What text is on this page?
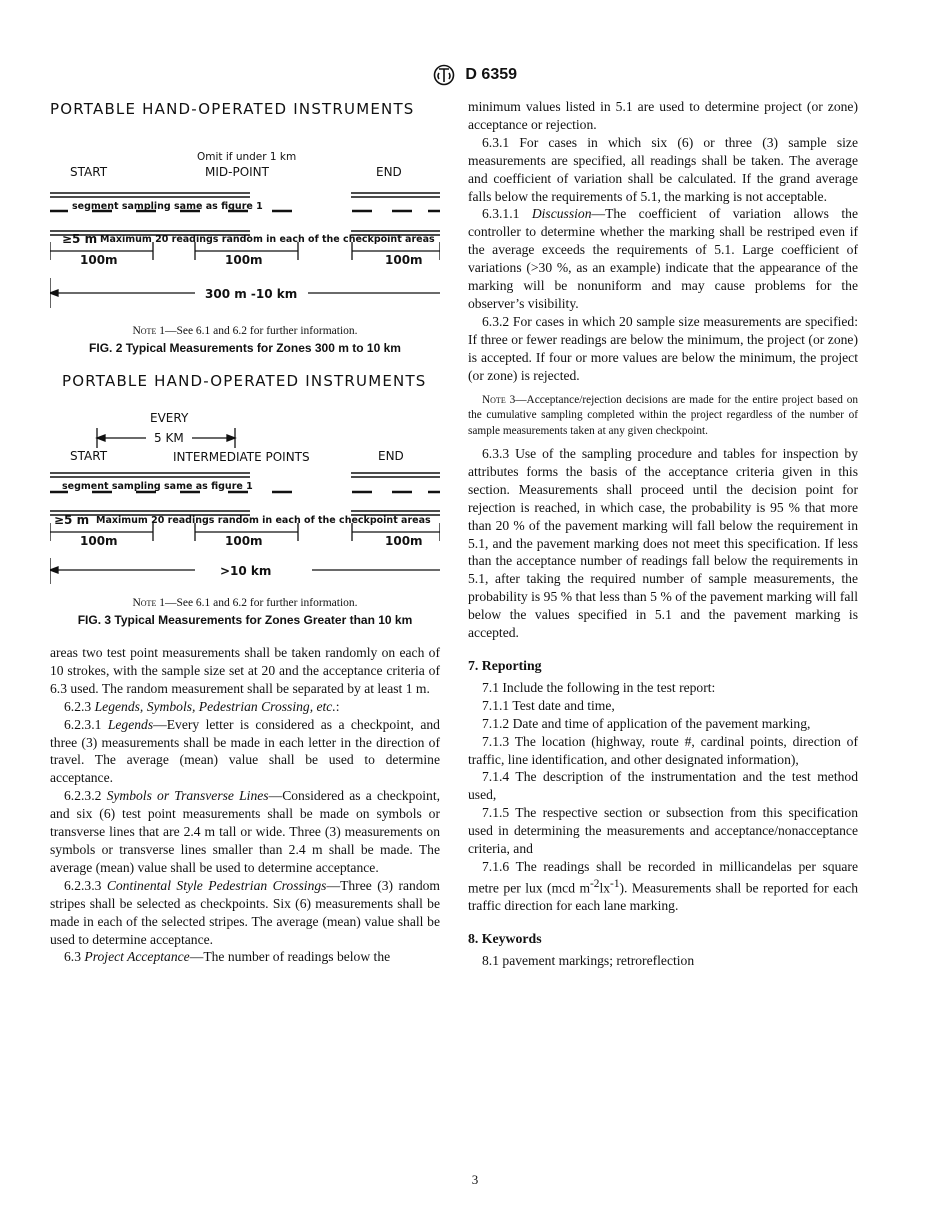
D 6359
PORTABLE HAND-OPERATED INSTRUMENTS
Omit if under 1 km
START	MID-POINT	END
segment sampling same as figure 1
≥5 m Maximum 20 readings random in each of the checkpoint areas
100m	100m	100m
300 m -10 km
Note 1—See 6.1 and 6.2 for further information.
FIG. 2 Typical Measurements for Zones 300 m to 10 km
PORTABLE HAND-OPERATED INSTRUMENTS
EVERY
5 KM
START	INTERMEDIATE POINTS	END
segment sampling same as figure 1
≥5 m Maximum 20 readings random in each of the checkpoint areas
100m	100m	100m
>10 km
Note 1—See 6.1 and 6.2 for further information.
FIG. 3 Typical Measurements for Zones Greater than 10 km

areas two test point measurements shall be taken randomly on each of 10 strokes, with the sample size set at 20 and the acceptance criteria of 6.3 used. The random measurement shall be separated by at least 1 m.

6.2.3 Legends, Symbols, Pedestrian Crossing, etc.:

6.2.3.1 Legends—Every letter is considered as a checkpoint, and three (3) measurements shall be made in each letter in the direction of travel. The average (mean) value shall be used to determine acceptance.

6.2.3.2 Symbols or Transverse Lines—Considered as a checkpoint, and six (6) test point measurements shall be made on symbols or transverse lines that are 2.4 m tall or wide. Three (3) measurements on symbols or transverse lines smaller than 2.4 m shall be made. The average (mean) value shall be used to determine acceptance.

6.2.3.3 Continental Style Pedestrian Crossings—Three (3) random stripes shall be selected as checkpoints. Six (6) measurements shall be made in each of the selected stripes. The average (mean) value shall be used to determine acceptance.

6.3 Project Acceptance—The number of readings below the

minimum values listed in 5.1 are used to determine project (or zone) acceptance or rejection.

6.3.1 For cases in which six (6) or three (3) sample size measurements are specified, all readings shall be taken. The average and coefficient of variation shall be calculated. If the grand average falls below the requirements of 5.1, the marking is not acceptable.

6.3.1.1 Discussion—The coefficient of variation allows the controller to determine whether the marking shall be restriped even if the average exceeds the requirements of 5.1. Large coefficient of variations (>30 %, as an example) indicate that the appearance of the marking will be nonuniform and may cause problems for the observer’s visibility.

6.3.2 For cases in which 20 sample size measurements are specified: If three or fewer readings are below the minimum, the project (or zone) is accepted. If four or more values are below the minimum, the project (or zone) is rejected.

Note 3—Acceptance/rejection decisions are made for the entire project based on the cumulative sampling completed within the project regardless of the number of sample measurements taken at any given checkpoint.

6.3.3 Use of the sampling procedure and tables for inspection by attributes forms the basis of the acceptance criteria given in this section. Measurements shall proceed until the decision point for rejection is reached, in which case, the probability is 95 % that more than 20 % of the pavement marking will fall below the requirement in 5.1, and the pavement marking does not meet this specification. If less than the acceptance number of readings fall below the requirements in 5.1, after taking the required number of sample measurements, the probability is 95 % that less than 5 % of the pavement marking will fall below the values specified in 5.1 and the pavement marking is accepted.

7. Reporting

7.1 Include the following in the test report:

7.1.1 Test date and time,

7.1.2 Date and time of application of the pavement marking,

7.1.3 The location (highway, route #, cardinal points, direction of traffic, line identification, and other designated information),

7.1.4 The description of the instrumentation and the test method used,

7.1.5 The respective section or subsection from this specification used in determining the measurements and acceptance/nonacceptance criteria, and

7.1.6 The readings shall be recorded in millicandelas per square metre per lux (mcd $m^{-2}lx^{-1}$). Measurements shall be reported for each traffic direction for each lane marking.

8. Keywords

8.1 pavement markings; retroreflection

3
